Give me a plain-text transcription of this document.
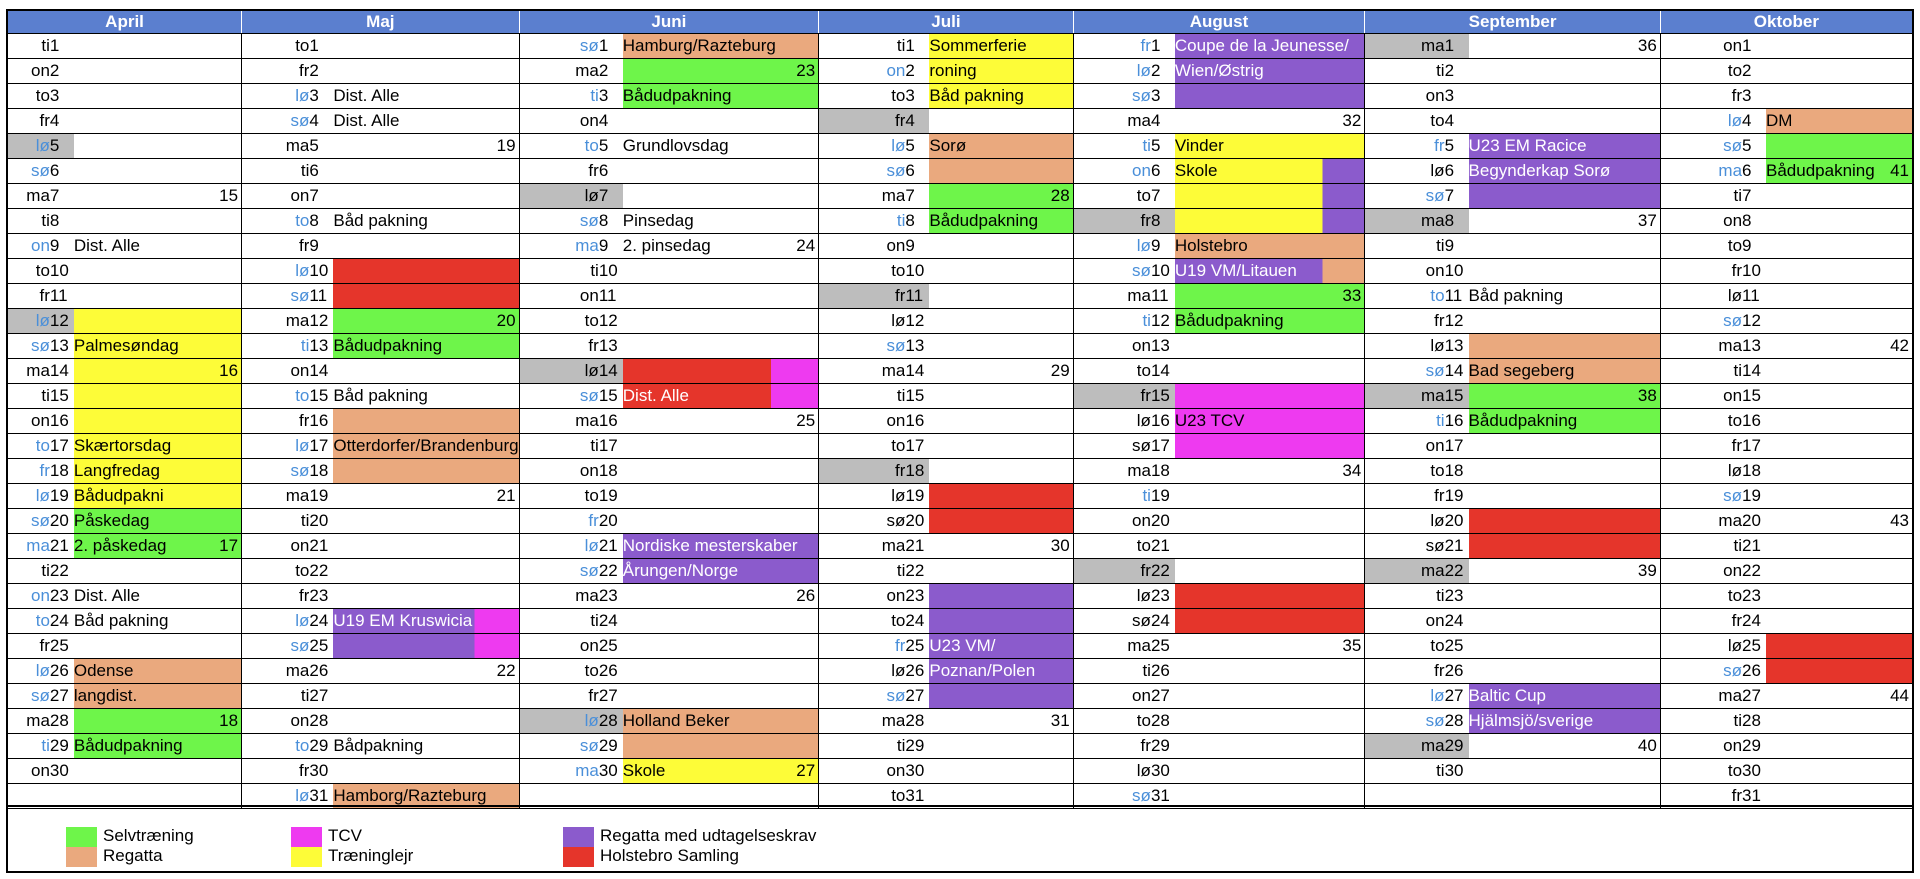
April			Maj			Juni			Juli			August			September			Oktober		
ti	1		to	1		sø	1	Hamburg/Razteburg	ti	1	Sommerferie	fr	1	Coupe de la Jeunesse/	ma	1	36	on	1	
on	2		fr	2		ma	2	23	on	2	roning	lø	2	Wien/Østrig	ti	2		to	2	
to	3		lø	3	Dist. Alle	ti	3	Bådudpakning	to	3	Båd pakning	sø	3		on	3		fr	3	
fr	4		sø	4	Dist. Alle	on	4		fr	4		ma	4	32	to	4		lø	4	DM
lø	5		ma	5	19	to	5	Grundlovsdag	lø	5	Sorø	ti	5	Vinder	fr	5	U23 EM Racice	sø	5	
sø	6		ti	6		fr	6		sø	6		on	6	Skole	lø	6	Begynderkap Sorø	ma	6	Bådudpakning 41

ma	7	15	on	7		lø	7		ma	7	28	to	7		sø	7		ti	7	
ti	8		to	8	Båd pakning	sø	8	Pinsedag	ti	8	Bådudpakning	fr	8		ma	8	37	on	8	
on	9	Dist. Alle	fr	9		ma	9	2. pinsedag 24	on	9		lø	9	Holstebro	ti	9		to	9	
to	10		lø	10		ti	10		to	10		sø	10	U19 VM/Litauen	on	10		fr	10	
fr	11		sø	11		on	11		fr	11		ma	11	33	to	11	Båd pakning	lø	11	
lø	12		ma	12	20	to	12		lø	12		ti	12	Bådudpakning	fr	12		sø	12	
sø	13	Palmesøndag	ti	13	Bådudpakning	fr	13		sø	13		on	13		lø	13		ma	13	42

ma	14	16	on	14		lø	14		ma	14	29	to	14		sø	14	Bad segeberg	ti	14	
ti	15		to	15	Båd pakning	sø	15	Dist. Alle	ti	15		fr	15		ma	15	38	on	15	
on	16		fr	16		ma	16	25	on	16		lø	16	U23 TCV	ti	16	Bådudpakning	to	16	
to	17	Skærtorsdag	lø	17	Otterdorfer/Brandenburg	ti	17		to	17		sø	17		on	17		fr	17	
fr	18	Langfredag	sø	18		on	18		fr	18		ma	18	34	to	18		lø	18	
lø	19	Bådudpakni	ma	19	21	to	19		lø	19		ti	19		fr	19		sø	19	
sø	20	Påskedag	ti	20		fr	20		sø	20		on	20		lø	20		ma	20	43

ma	21	2. påskedag 17	on	21		lø	21	Nordiske mesterskaber	ma	21	30	to	21		sø	21		ti	21	
ti	22		to	22		sø	22	Årungen/Norge	ti	22		fr	22		ma	22	39	on	22	
on	23	Dist. Alle	fr	23		ma	23	26	on	23		lø	23		ti	23		to	23	
to	24	Båd pakning	lø	24	U19 EM Kruswicia	ti	24		to	24		sø	24		on	24		fr	24	
fr	25		sø	25		on	25		fr	25	U23 VM/	ma	25	35	to	25		lø	25	
lø	26	Odense	ma	26	22	to	26		lø	26	Poznan/Polen	ti	26		fr	26		sø	26	
sø	27	langdist.	ti	27		fr	27		sø	27		on	27		lø	27	Baltic Cup	ma	27	44

ma	28	18	on	28		lø	28	Holland Beker	ma	28	31	to	28		sø	28	Hjälmsjö/sverige	ti	28	
ti	29	Bådudpakning	to	29	Bådpakning	sø	29		ti	29		fr	29		ma	29	40	on	29	
on	30		fr	30		ma	30	Skole 27	on	30		lø	30		ti	30		to	30	
			lø	31	Hamborg/Razteburg				to	31		sø	31					fr	31	
Selvtræning
Regatta
TCV
Træninglejr
Regatta med udtagelseskrav
Holstebro Samling
